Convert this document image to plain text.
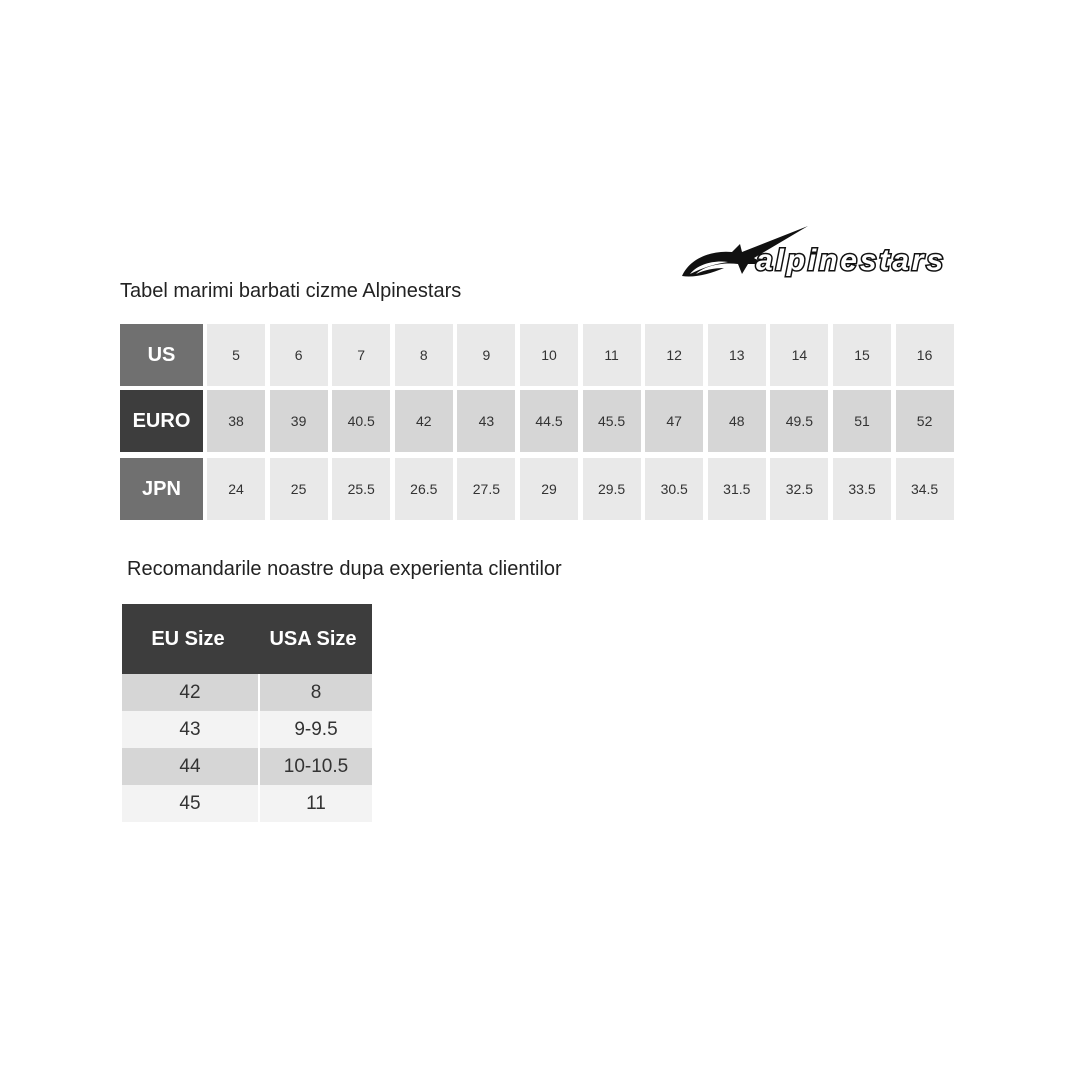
alpinestars
Tabel marimi barbati cizme Alpinestars
US	5	6	7	8	9	10	11	12	13	14	15	16
EURO	38	39	40.5	42	43	44.5	45.5	47	48	49.5	51	52
JPN	24	25	25.5	26.5	27.5	29	29.5	30.5	31.5	32.5	33.5	34.5
Recomandarile noastre dupa experienta clientilor
EU Size	USA Size
42	8
43	9-9.5
44	10-10.5
45	11
